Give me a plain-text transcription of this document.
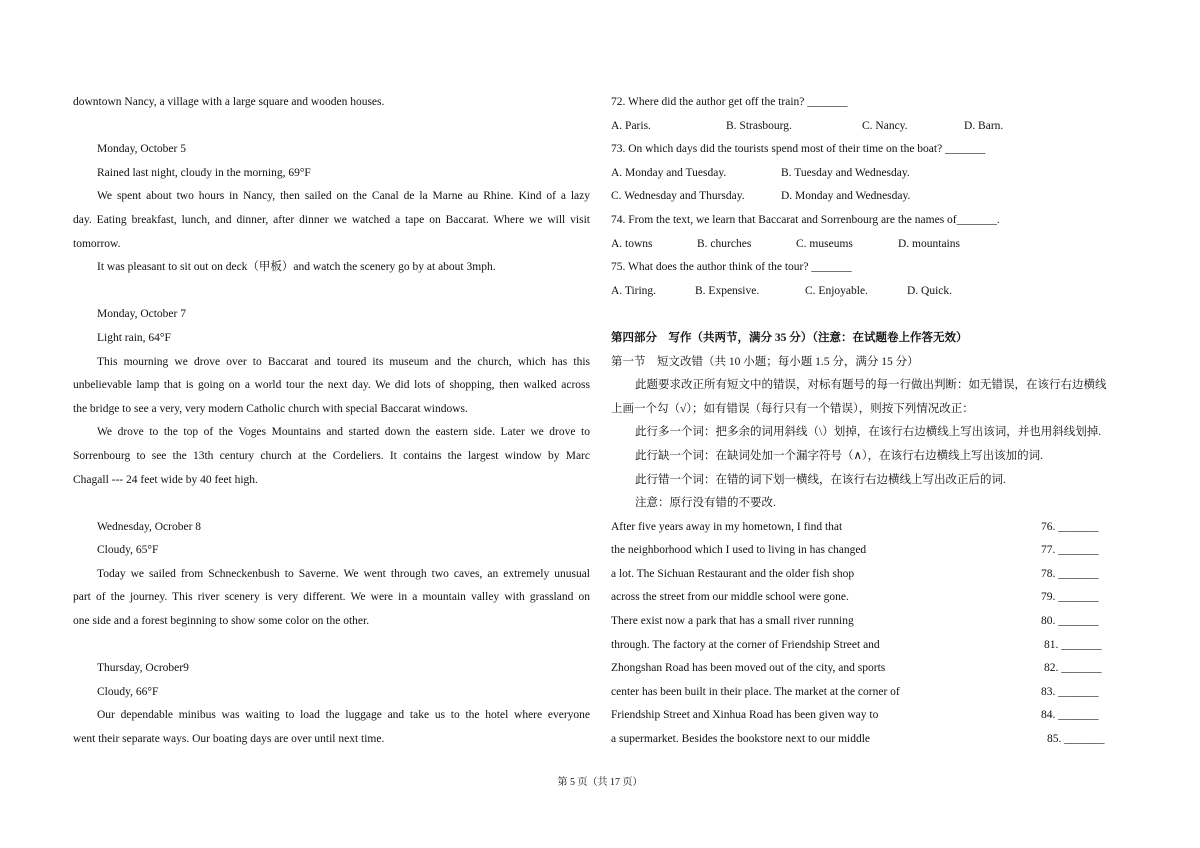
downtown Nancy, a village with a large square and wooden houses.
Monday, October 5
Rained last night, cloudy in the morning, 69°F
We spent about two hours in Nancy, then sailed on the Canal de la Marne au Rhine. Kind of a lazy
day. Eating breakfast, lunch, and dinner, after dinner we watched a tape on Baccarat. Where we will visit
tomorrow.
It was pleasant to sit out on deck（甲板）and watch the scenery go by at about 3mph.
Monday, October 7
Light rain, 64°F
This mourning we drove over to Baccarat and toured its museum and the church, which has this
unbelievable lamp that is going on a world tour the next day. We did lots of shopping, then walked across
the bridge to see a very, very modern Catholic church with special Baccarat windows.
We drove to the top of the Voges Mountains and started down the eastern side. Later we drove to
Sorrenbourg to see the 13th century church at the Cordeliers. It contains the largest window by Marc
Chagall --- 24 feet wide by 40 feet high.
Wednesday, Ocrober 8
Cloudy, 65°F
Today we sailed from Schneckenbush to Saverne. We went through two caves, an extremely unusual
part of the journey. This river scenery is very different. We were in a mountain valley with grassland on
one side and a forest beginning to show some color on the other.
Thursday, Ocrober9
Cloudy, 66°F
Our dependable minibus was waiting to load the luggage and take us to the hotel where everyone
went their separate ways. Our boating days are over until next time.
72. Where did the author get off the train? _______
A. Paris.	B. Strasbourg.	C. Nancy.	D. Barn.
73. On which days did the tourists spend most of their time on the boat? _______
A. Monday and Tuesday.	B. Tuesday and Wednesday.
C. Wednesday and Thursday.	D. Monday and Wednesday.
74. From the text, we learn that Baccarat and Sorrenbourg are the names of_______.
A. towns	B. churches	C. museums	D. mountains
75. What does the author think of the tour? _______
A. Tiring.	B. Expensive.	C. Enjoyable.	D. Quick.
第四部分　写作（共两节，满分 35 分）（注意：在试题卷上作答无效）
第一节　短文改错（共 10 小题；每小题 1.5 分，满分 15 分）
此题要求改正所有短文中的错误，对标有题号的每一行做出判断：如无错误，在该行右边横线
上画一个勾（√）；如有错误（每行只有一个错误），则按下列情况改正：
此行多一个词：把多余的词用斜线（\）划掉，在该行右边横线上写出该词，并也用斜线划掉.
此行缺一个词：在缺词处加一个漏字符号（∧），在该行右边横线上写出该加的词.
此行错一个词：在错的词下划一横线，在该行右边横线上写出改正后的词.
注意：原行没有错的不要改.
After five years away in my hometown, I find that	76. _______
the neighborhood which I used to living in has changed	77. _______
a lot. The Sichuan Restaurant and the older fish shop	78. _______
across the street from our middle school were gone.	79. _______
There exist now a park that has a small river running	80. _______
through. The factory at the corner of Friendship Street and	81. _______
Zhongshan Road has been moved out of the city, and sports	82. _______
center has been built in their place. The market at the corner of	83. _______
Friendship Street and Xinhua Road has been given way to	84. _______
a supermarket. Besides the bookstore next to our middle	85. _______
第 5 页（共 17 页）
